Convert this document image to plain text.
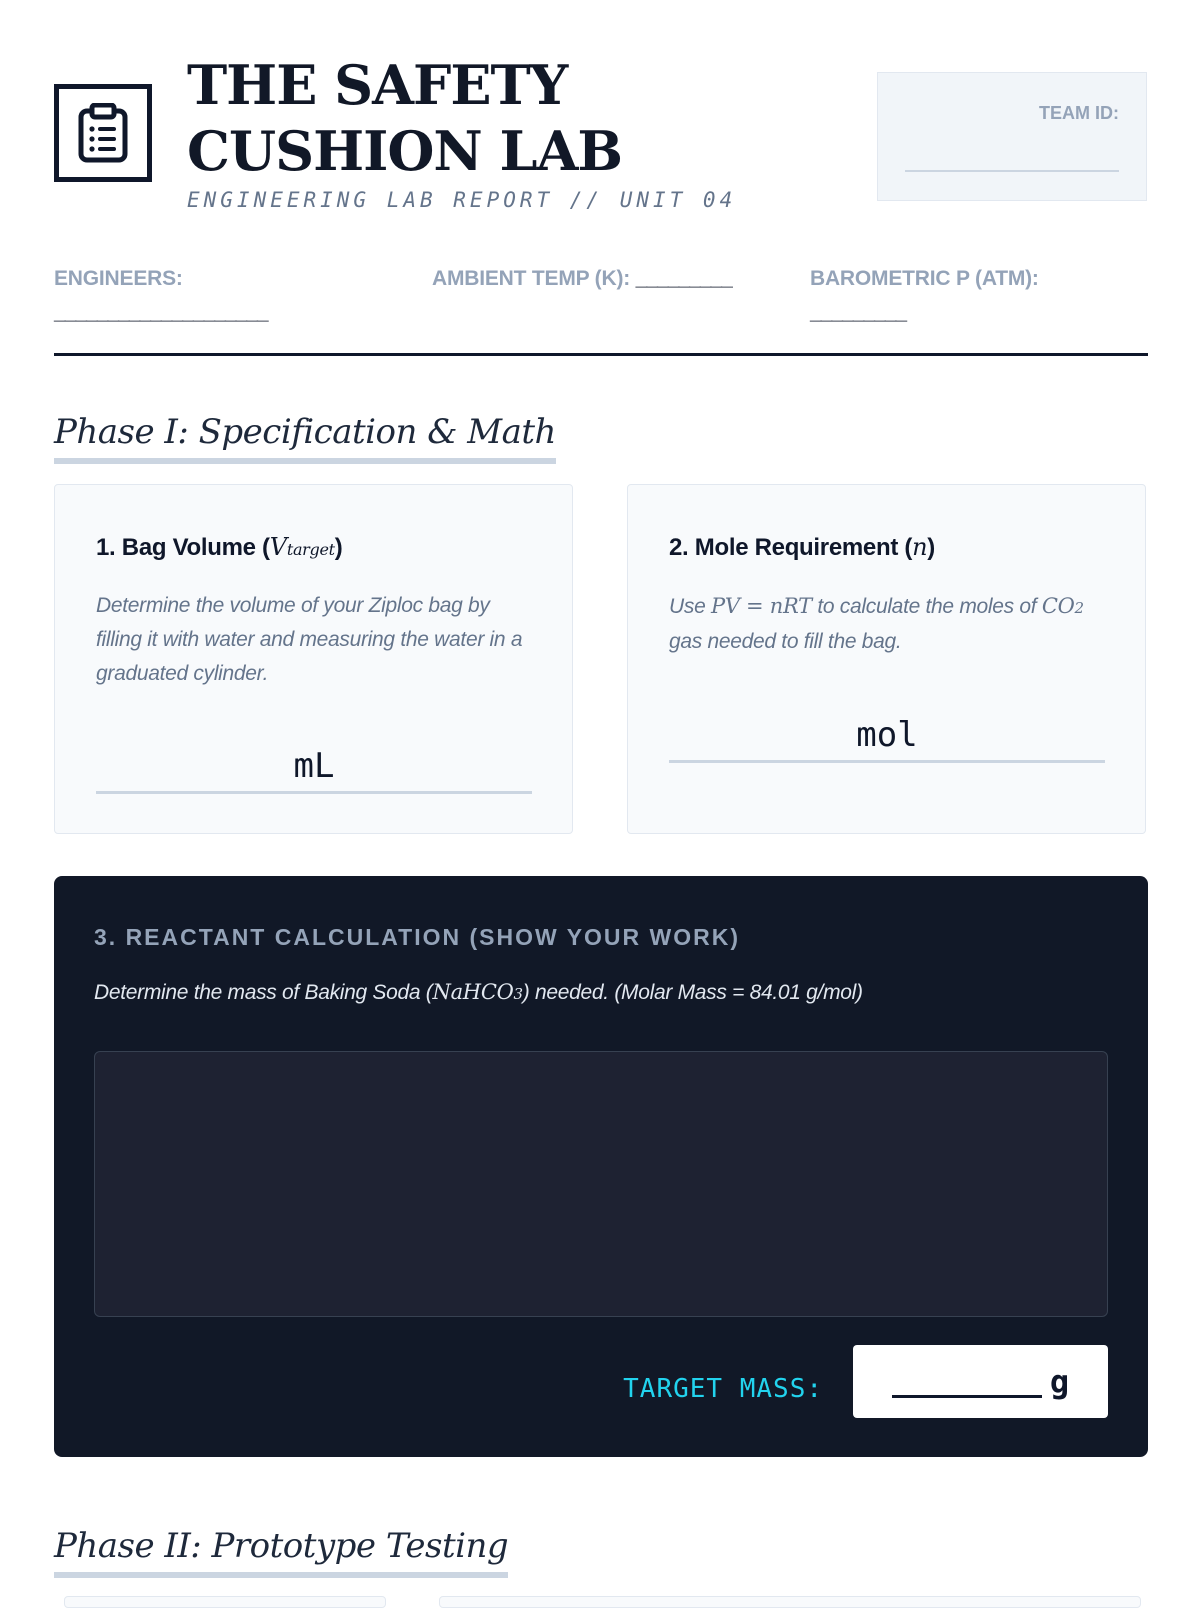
THE SAFETY CUSHION LAB
ENGINEERING LAB REPORT // UNIT 04
TEAM ID:
ENGINEERS:
____________________
AMBIENT TEMP (K): _________	BAROMETRIC P (ATM):
_________
Phase I: Specification & Math
1. Bag Volume (Vtarget)
Determine the volume of your Ziploc bag by filling it with water and measuring the water in a graduated cylinder.
mL
2. Mole Requirement (n)
Use PV = nRT to calculate the moles of CO2 gas needed to fill the bag.
mol
3. REACTANT CALCULATION (SHOW YOUR WORK)
Determine the mass of Baking Soda (NaHCO3) needed. (Molar Mass = 84.01 g/mol)
TARGET MASS:	g
Phase II: Prototype Testing
